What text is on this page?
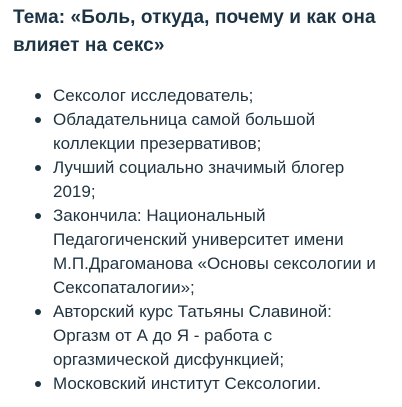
Тема: «Боль, откуда, почему и как она
влияет на секс»
Сексолог исследователь;
Обладательница самой большой
коллекции презервативов;
Лучший социально значимый блогер
2019;
Закончила: Национальный
Педагогиченский университет имени
М.П.Драгоманова «Основы сексологии и
Сексопаталогии»;
Авторский курс Татьяны Славиной:
Оргазм от А до Я - работа с
оргазмической дисфункцией;
Московский институт Сексологии.
